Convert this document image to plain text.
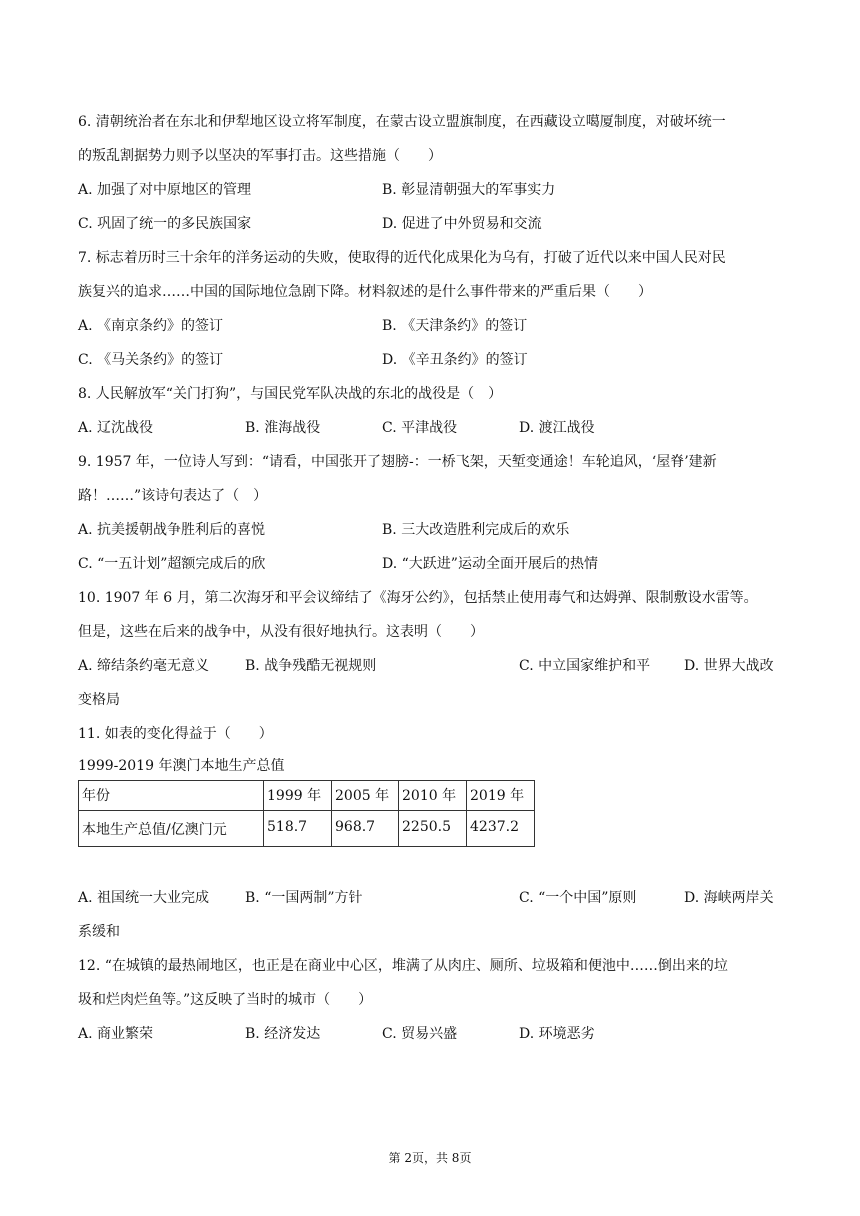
6. 清朝统治者在东北和伊犁地区设立将军制度，在蒙古设立盟旗制度，在西藏设立噶厦制度，对破坏统一
的叛乱割据势力则予以坚决的军事打击。这些措施（　　）
A. 加强了对中原地区的管理	B. 彰显清朝强大的军事实力
C. 巩固了统一的多民族国家	D. 促进了中外贸易和交流
7. 标志着历时三十余年的洋务运动的失败，使取得的近代化成果化为乌有，打破了近代以来中国人民对民
族复兴的追求……中国的国际地位急剧下降。材料叙述的是什么事件带来的严重后果（　　）
A. 《南京条约》的签订	B. 《天津条约》的签订
C. 《马关条约》的签订	D. 《辛丑条约》的签订
8. 人民解放军“关门打狗”，与国民党军队决战的东北的战役是（　）
A. 辽沈战役	B. 淮海战役	C. 平津战役	D. 渡江战役
9. 1957 年，一位诗人写到：“请看，中国张开了翅膀-：一桥飞架，天堑变通途！车轮追风，‘屋脊’建新
路！……”该诗句表达了（　）
A. 抗美援朝战争胜利后的喜悦	B. 三大改造胜利完成后的欢乐
C. “一五计划”超额完成后的欣	D. “大跃进”运动全面开展后的热情
10. 1907 年 6 月，第二次海牙和平会议缔结了《海牙公约》，包括禁止使用毒气和达姆弹、限制敷设水雷等。
但是，这些在后来的战争中，从没有很好地执行。这表明（　　）
A. 缔结条约毫无意义	B. 战争残酷无视规则	C. 中立国家维护和平 D. 世界大战改
变格局
11. 如表的变化得益于（　　）
1999-2019 年澳门本地生产总值
年份	1999 年	2005 年	2010 年	2019 年
本地生产总值/亿澳门元	518.7	968.7	2250.5	4237.2
A. 祖国统一大业完成	B. “一国两制”方针	C. “一个中国”原则	D. 海峡两岸关
系缓和
12. “在城镇的最热闹地区，也正是在商业中心区，堆满了从肉庄、厕所、垃圾箱和便池中……倒出来的垃
圾和烂肉烂鱼等。”这反映了当时的城市（　　）
A. 商业繁荣	B. 经济发达	C. 贸易兴盛	D. 环境恶劣
第 2页，共 8页
